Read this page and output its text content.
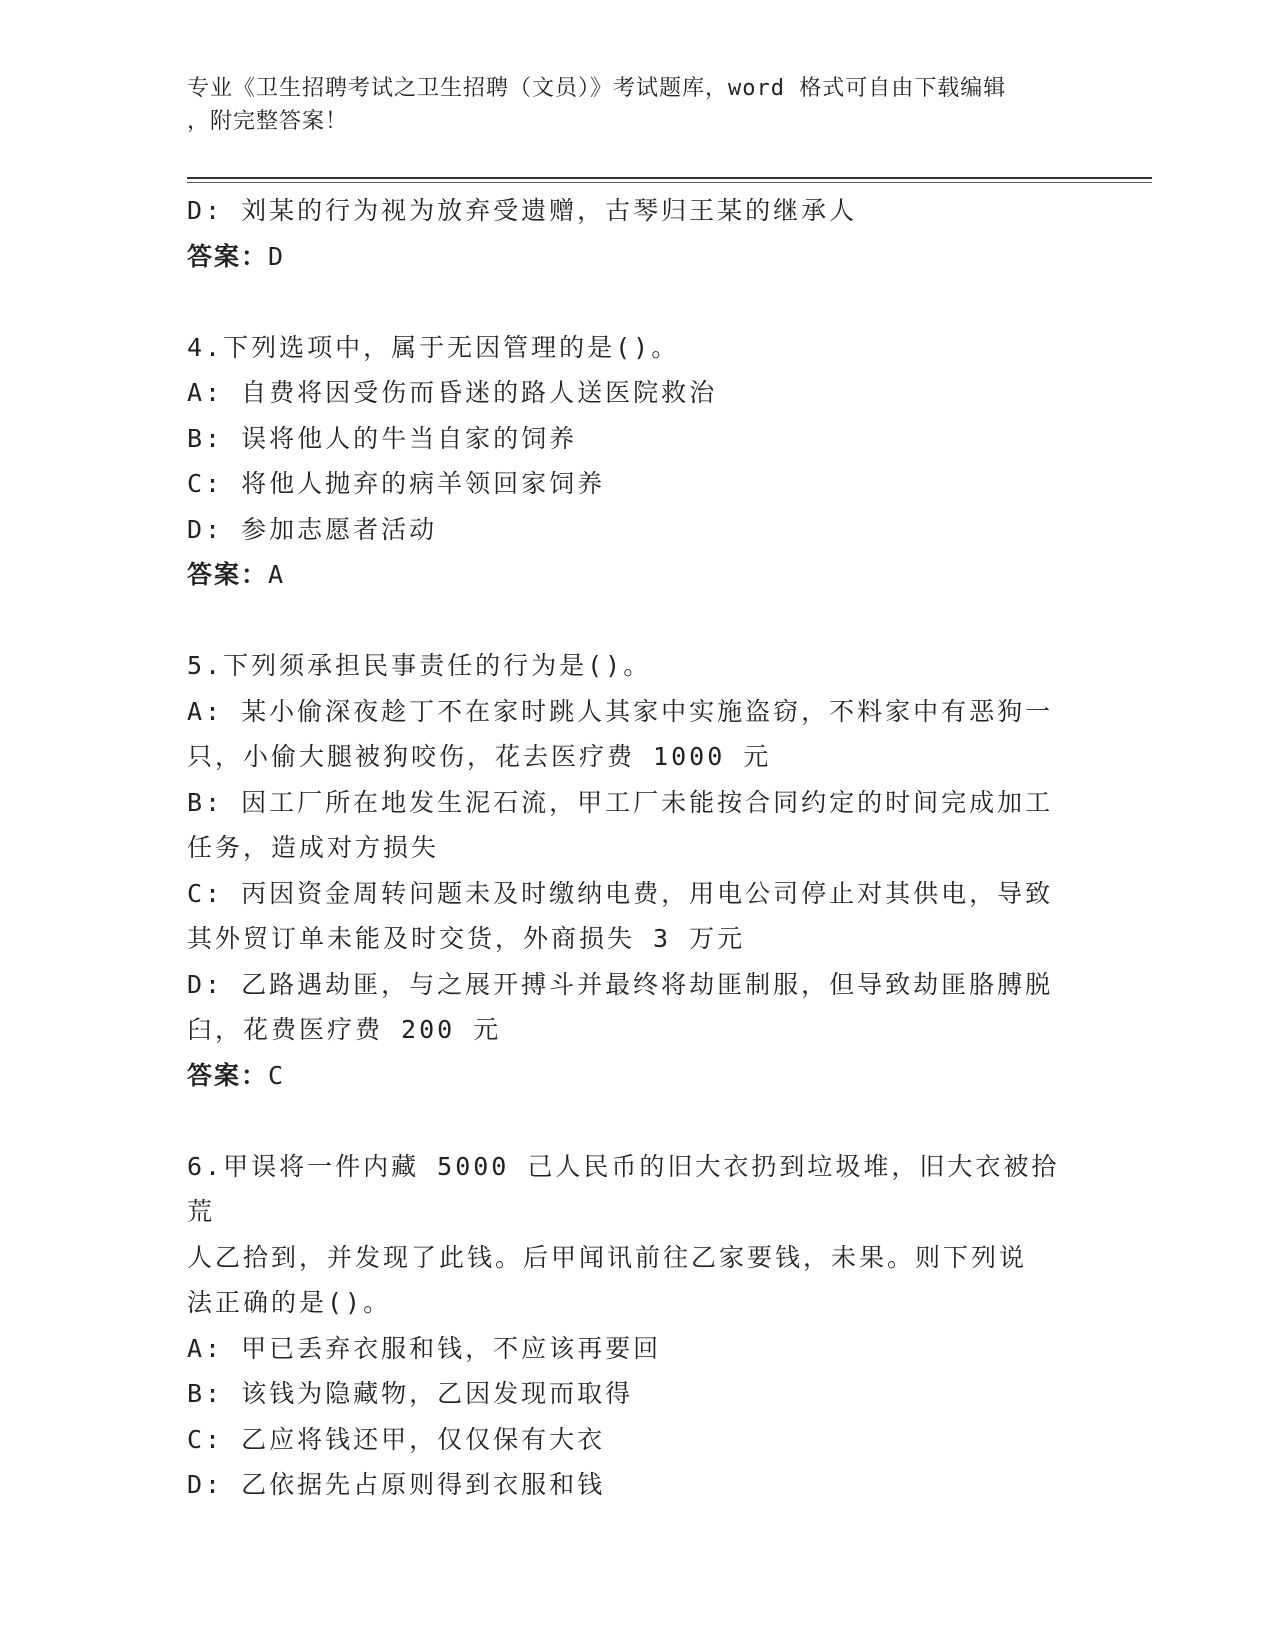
专业《卫生招聘考试之卫生招聘（文员）》考试题库，word 格式可自由下载编辑
，附完整答案！
D: 刘某的行为视为放弃受遗赠，古琴归王某的继承人
答案：D
4.下列选项中，属于无因管理的是()。
A: 自费将因受伤而昏迷的路人送医院救治
B: 误将他人的牛当自家的饲养
C: 将他人抛弃的病羊领回家饲养
D: 参加志愿者活动
答案：A
5.下列须承担民事责任的行为是()。
A: 某小偷深夜趁丁不在家时跳人其家中实施盗窃，不料家中有恶狗一
只，小偷大腿被狗咬伤，花去医疗费 1000 元
B: 因工厂所在地发生泥石流，甲工厂未能按合同约定的时间完成加工
任务，造成对方损失
C: 丙因资金周转问题未及时缴纳电费，用电公司停止对其供电，导致
其外贸订单未能及时交货，外商损失 3 万元
D: 乙路遇劫匪，与之展开搏斗并最终将劫匪制服，但导致劫匪胳膊脱
臼，花费医疗费 200 元
答案：C
6.甲误将一件内藏 5000 己人民币的旧大衣扔到垃圾堆，旧大衣被拾荒
人乙拾到，并发现了此钱。后甲闻讯前往乙家要钱，未果。则下列说
法正确的是()。
A: 甲已丢弃衣服和钱，不应该再要回
B: 该钱为隐藏物，乙因发现而取得
C: 乙应将钱还甲，仅仅保有大衣
D: 乙依据先占原则得到衣服和钱
